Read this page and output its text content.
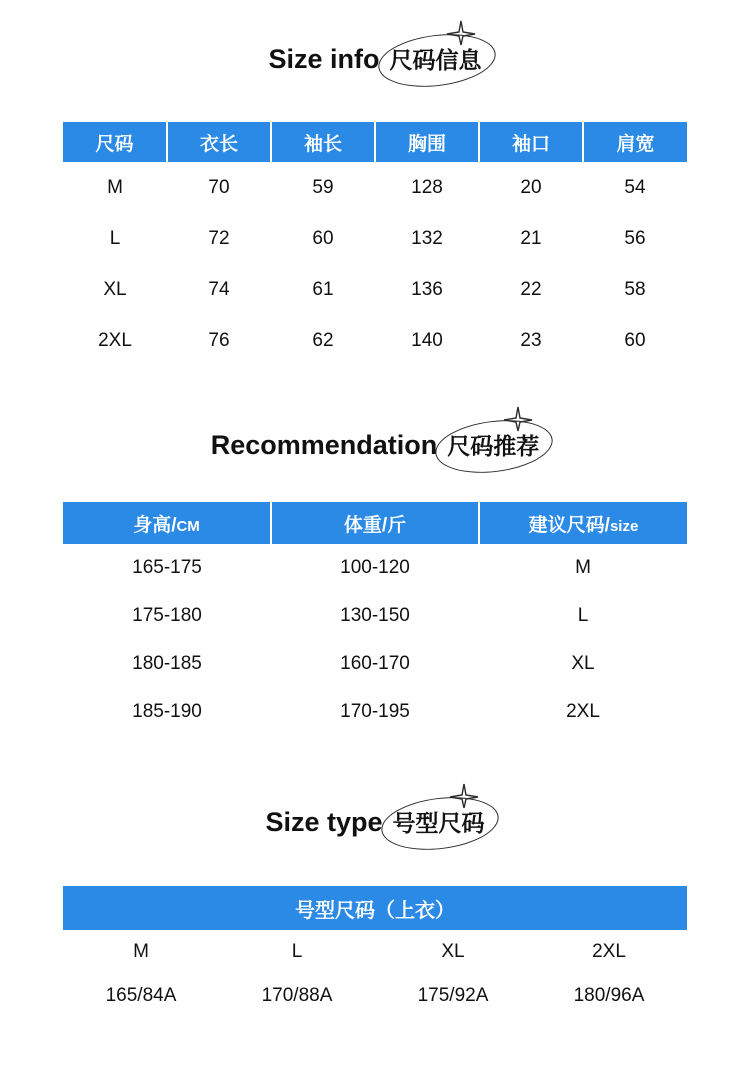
Size info 尺码信息
尺码	衣长	袖长	胸围	袖口	肩宽
M	70	59	128	20	54
L	72	60	132	21	56
XL	74	61	136	22	58
2XL	76	62	140	23	60
Recommendation 尺码推荐
身高/CM	体重/斤	建议尺码/size
165-175	100-120	M
175-180	130-150	L
180-185	160-170	XL
185-190	170-195	2XL
Size type 号型尺码
号型尺码（上衣）			
M	L	XL	2XL
165/84A	170/88A	175/92A	180/96A
